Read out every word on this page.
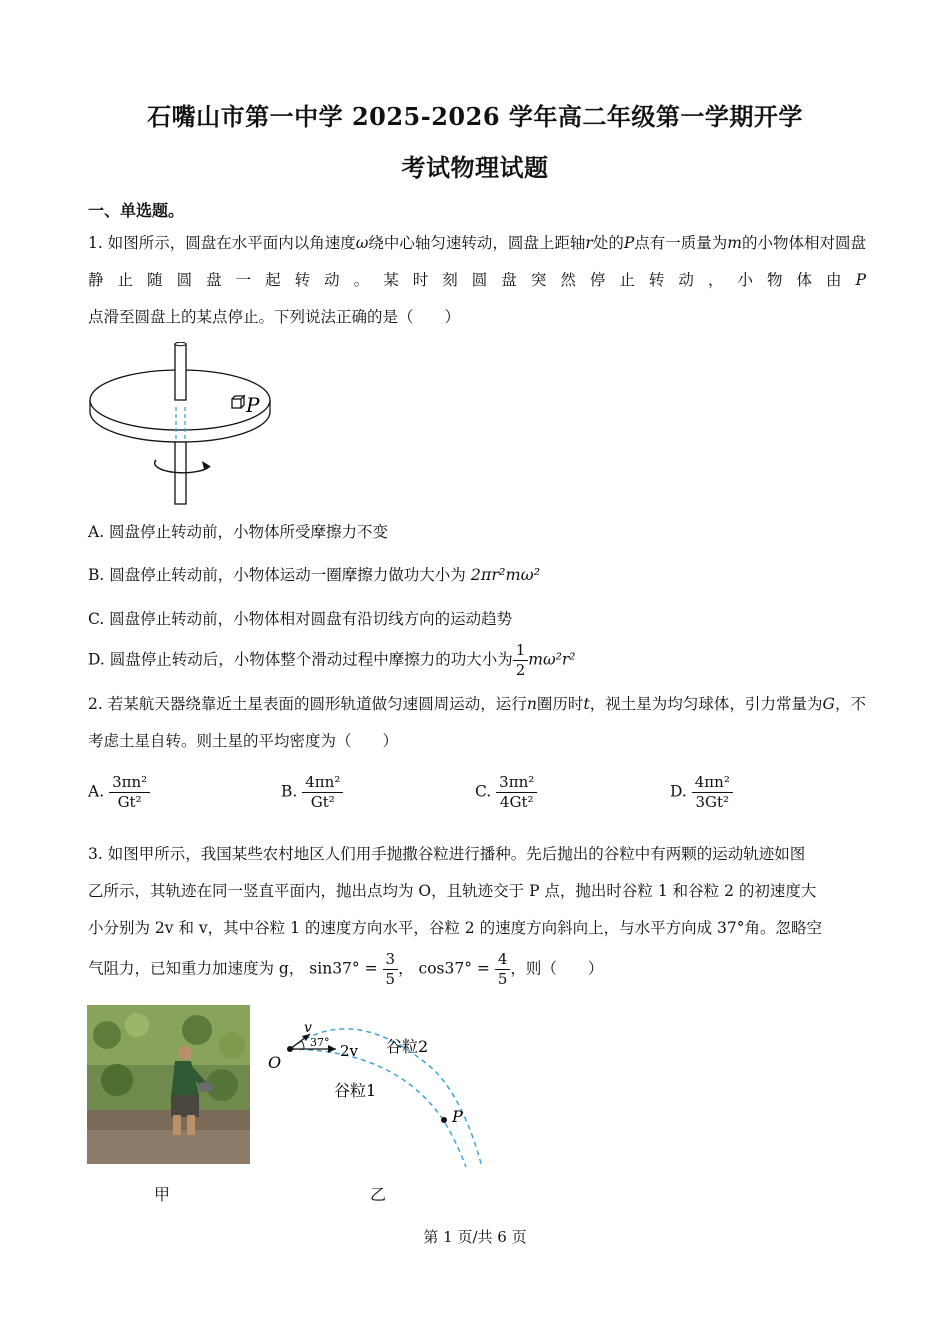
石嘴山市第一中学 2025-2026 学年高二年级第一学期开学
考试物理试题
一、单选题。
1. 如图所示，圆盘在水平面内以角速度ω绕中心轴匀速转动，圆盘上距轴r处的P点有一质量为m的小物体相对圆盘静止随圆盘一起转动。某时刻圆盘突然停止转动，小物体由P点滑至圆盘上的某点停止。下列说法正确的是（　　）
P
A. 圆盘停止转动前，小物体所受摩擦力不变
B. 圆盘停止转动前，小物体运动一圈摩擦力做功大小为 2πr²mω²
C. 圆盘停止转动前，小物体相对圆盘有沿切线方向的运动趋势
D. 圆盘停止转动后，小物体整个滑动过程中摩擦力的功大小为 $\frac{1}{2} m\omega^2r^2$
2. 若某航天器绕靠近土星表面的圆形轨道做匀速圆周运动，运行n圈历时t，视土星为均匀球体，引力常量为G，不考虑土星自转。则土星的平均密度为（　　）
A. $\frac{\text{3πn²}}{\text{Gt²}}$	B. $\frac{\text{4πn²}}{\text{Gt²}}$	C. $\frac{\text{3πn²}}{\text{4Gt²}}$	D. $\frac{\text{4πn²}}{\text{3Gt²}}$
3. 如图甲所示，我国某些农村地区人们用手抛撒谷粒进行播种。先后抛出的谷粒中有两颗的运动轨迹如图
乙所示，其轨迹在同一竖直平面内，抛出点均为 O，且轨迹交于 P 点，抛出时谷粒 1 和谷粒 2 的初速度大
小分别为 2v 和 v，其中谷粒 1 的速度方向水平，谷粒 2 的速度方向斜向上，与水平方向成 37°角。忽略空
气阻力，已知重力加速度为 g， $\sin 37^\circ = \frac{3}{5}$ ， $\cos 37^\circ = \frac{4}{5}$ ，则（　　）
甲
v
37° 2v
O
谷粒2
谷粒1
P
乙
第 1 页/共 6 页
